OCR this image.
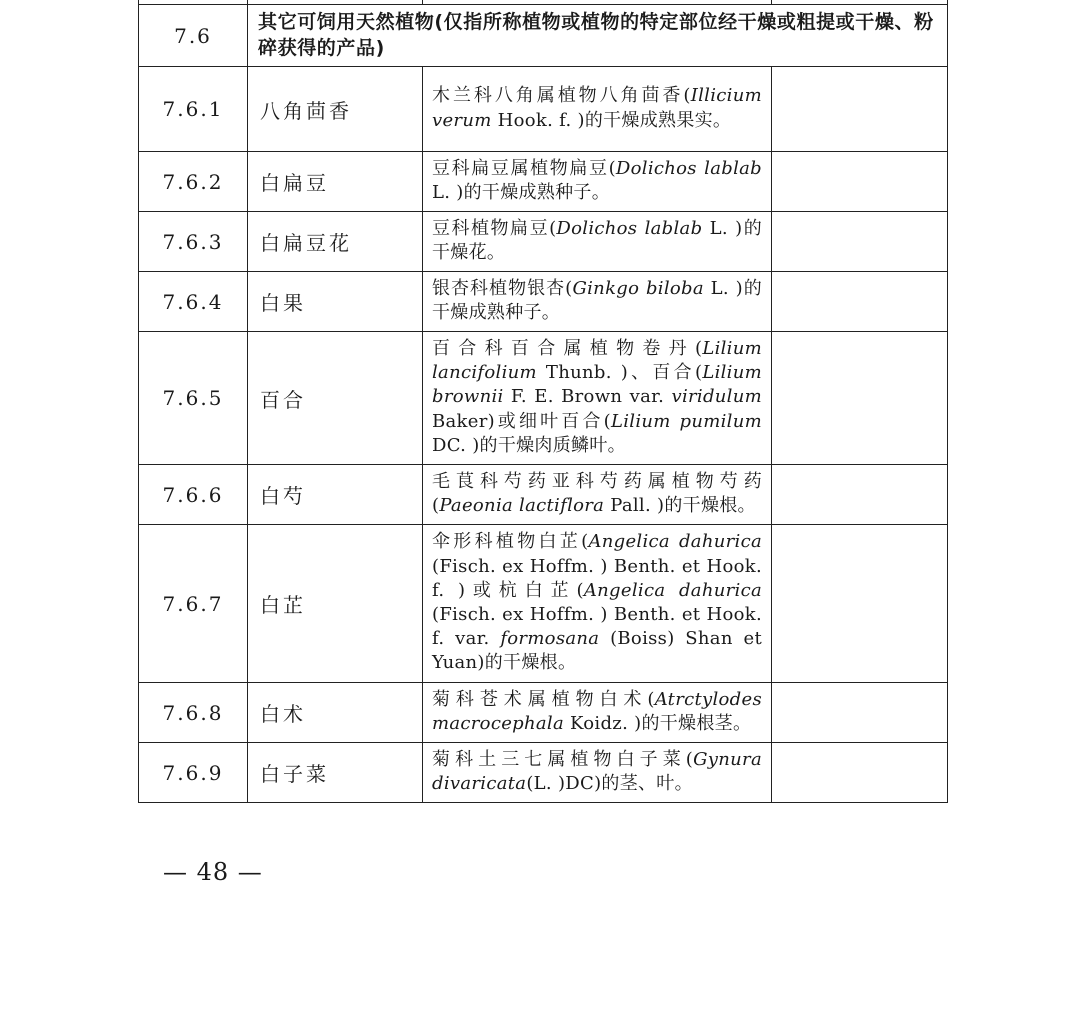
7.6	其它可饲用天然植物(仅指所称植物或植物的特定部位经干燥或粗提或干燥、粉碎获得的产品)		
7.6.1	八角茴香	木兰科八角属植物八角茴香(Illicium verum Hook. f. )的干燥成熟果实。	
7.6.2	白扁豆	豆科扁豆属植物扁豆(Dolichos lablab L. )的干燥成熟种子。	
7.6.3	白扁豆花	豆科植物扁豆(Dolichos lablab L. )的干燥花。	
7.6.4	白果	银杏科植物银杏(Ginkgo biloba L. )的干燥成熟种子。	
7.6.5	百合	百合科百合属植物卷丹(Lilium lancifolium Thunb. )、百合(Lilium brownii F. E. Brown var. viridulum Baker)或细叶百合(Lilium pumilum DC. )的干燥肉质鳞叶。	
7.6.6	白芍	毛茛科芍药亚科芍药属植物芍药(Paeonia lactiflora Pall. )的干燥根。	
7.6.7	白芷	伞形科植物白芷(Angelica dahurica (Fisch. ex Hoffm. ) Benth. et Hook. f. )或杭白芷(Angelica dahurica (Fisch. ex Hoffm. ) Benth. et Hook. f. var. formosana (Boiss) Shan et Yuan)的干燥根。	
7.6.8	白术	菊科苍术属植物白术(Atrctylodes macrocephala Koidz. )的干燥根茎。	
7.6.9	白子菜	菊科土三七属植物白子菜(Gynura divaricata(L. )DC)的茎、叶。	
— 48 —
